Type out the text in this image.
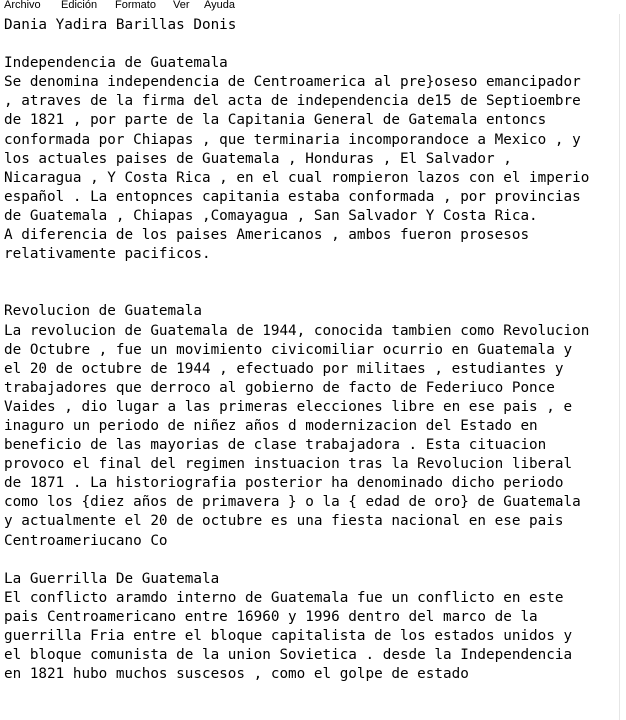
Archivo Edición Formato Ver Ayuda
Dania Yadira Barillas Donis
Independencia de Guatemala
Se denomina independencia de Centroamerica al pre}oseso emancipador
, atraves de la firma del acta de independencia de15 de Septioembre
de 1821 , por parte de la Capitania General de Gatemala entoncs
conformada por Chiapas , que terminaria incomporandoce a Mexico , y
los actuales paises de Guatemala , Honduras , El Salvador ,
Nicaragua , Y Costa Rica , en el cual rompieron lazos con el imperio
español . La entopnces capitania estaba conformada , por provincias
de Guatemala , Chiapas ,Comayagua , San Salvador Y Costa Rica.
A diferencia de los paises Americanos , ambos fueron prosesos
relativamente pacificos.
Revolucion de Guatemala
La revolucion de Guatemala de 1944, conocida tambien como Revolucion
de Octubre , fue un movimiento civicomiliar ocurrio en Guatemala y
el 20 de octubre de 1944 , efectuado por militaes , estudiantes y
trabajadores que derroco al gobierno de facto de Federiuco Ponce
Vaides , dio lugar a las primeras elecciones libre en ese pais , e
inaguro un periodo de niñez años d modernizacion del Estado en
beneficio de las mayorias de clase trabajadora . Esta cituacion
provoco el final del regimen instuacion tras la Revolucion liberal
de 1871 . La historiografia posterior ha denominado dicho periodo
como los {diez años de primavera } o la { edad de oro} de Guatemala
y actualmente el 20 de octubre es una fiesta nacional en ese pais
Centroameriucano Co
La Guerrilla De Guatemala
El conflicto aramdo interno de Guatemala fue un conflicto en este
pais Centroamericano entre 16960 y 1996 dentro del marco de la
guerrilla Fria entre el bloque capitalista de los estados unidos y
el bloque comunista de la union Sovietica . desde la Independencia
en 1821 hubo muchos suscesos , como el golpe de estado
